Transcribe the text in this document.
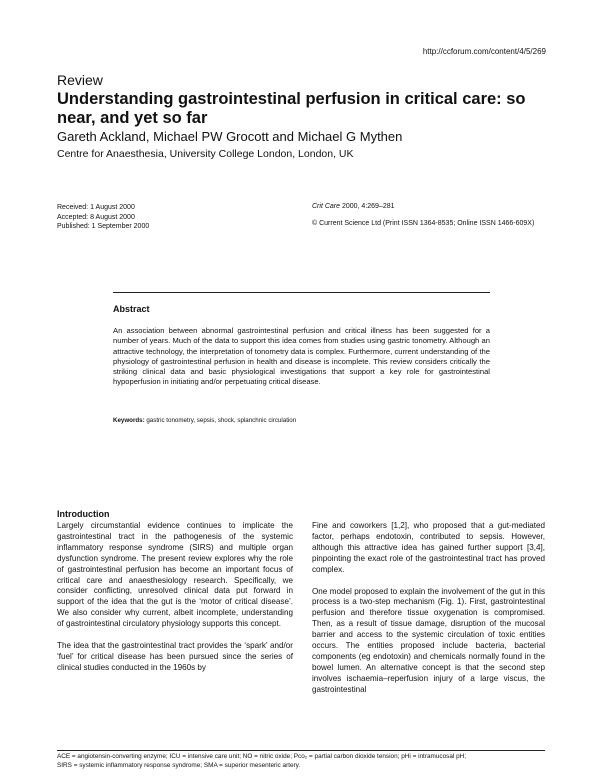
http://ccforum.com/content/4/5/269
Review
Understanding gastrointestinal perfusion in critical care: so near, and yet so far
Gareth Ackland, Michael PW Grocott and Michael G Mythen
Centre for Anaesthesia, University College London, London, UK
Received: 1 August 2000
Accepted: 8 August 2000
Published: 1 September 2000
Crit Care 2000, 4:269–281
© Current Science Ltd (Print ISSN 1364-8535; Online ISSN 1466-609X)
Abstract
An association between abnormal gastrointestinal perfusion and critical illness has been suggested for a number of years. Much of the data to support this idea comes from studies using gastric tonometry. Although an attractive technology, the interpretation of tonometry data is complex. Furthermore, current understanding of the physiology of gastrointestinal perfusion in health and disease is incomplete. This review considers critically the striking clinical data and basic physiological investigations that support a key role for gastrointestinal hypoperfusion in initiating and/or perpetuating critical disease.
Keywords: gastric tonometry, sepsis, shock, splanchnic circulation
Introduction

Largely circumstantial evidence continues to implicate the gastrointestinal tract in the pathogenesis of the systemic inflammatory response syndrome (SIRS) and multiple organ dysfunction syndrome. The present review explores why the role of gastrointestinal perfusion has become an important focus of critical care and anaesthesiology research. Specifically, we consider conflicting, unresolved clinical data put forward in support of the idea that the gut is the ‘motor of critical disease’. We also consider why current, albeit incomplete, understanding of gastrointestinal circulatory physiology supports this concept.

The idea that the gastrointestinal tract provides the ‘spark’ and/or ‘fuel’ for critical disease has been pursued since the series of clinical studies conducted in the 1960s by

Fine and coworkers [1,2], who proposed that a gut-mediated factor, perhaps endotoxin, contributed to sepsis. However, although this attractive idea has gained further support [3,4], pinpointing the exact role of the gastrointestinal tract has proved complex.

One model proposed to explain the involvement of the gut in this process is a two-step mechanism (Fig. 1). First, gastrointestinal perfusion and therefore tissue oxygenation is compromised. Then, as a result of tissue damage, disruption of the mucosal barrier and access to the systemic circulation of toxic entities occurs. The entities proposed include bacteria, bacterial components (eg endotoxin) and chemicals normally found in the bowel lumen. An alternative concept is that the second step involves ischaemia–reperfusion injury of a large viscus, the gastrointestinal

ACE = angiotensin-converting enzyme; ICU = intensive care unit; NO = nitric oxide; Pco₂ = partial carbon dioxide tension; pHi = intramucosal pH;
SIRS = systemic inflammatory response syndrome; SMA = superior mesenteric artery.
